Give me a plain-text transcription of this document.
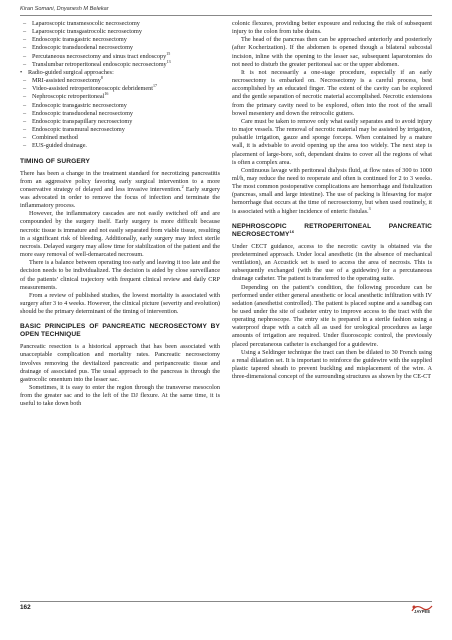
Kiran Somani, Dnyanesh M Belekar
– Laparoscopic transmesocolic necrosectomy
– Laparoscopic transgastrocolic necrosectomy
– Endoscopic transgastric necrosectomy
– Endoscopic transduodenal necrosectomy
– Percutaneous necrosectomy and sinus tract endoscopy$^{15}$
– Translumbar retroperitoneal endoscopic necrosectomy$^{13}$
• Radio-guided surgical approaches:
– MRI-assisted necrosectomy$^8$
– Video-assisted retroperitoneoscopic debridement$^{17}$
– Nephroscopic retroperitoneal$^{16}$
– Endoscopic transgastric necrosectomy
– Endoscopic transduodenal necrosectomy
– Endoscopic transpapillary necrosectomy
– Endoscopic transmural necrosectomy
– Combined method
– EUS-guided drainage.
TIMING OF SURGERY

There has been a change in the treatment standard for necrotizing pancreatitis from an aggressive policy favoring early surgical intervention to a more conservative strategy of delayed and less invasive intervention.$^2$ Early surgery was advocated in order to remove the focus of infection and terminate the inflammatory process.

However, the inflammatory cascades are not easily switched off and are compounded by the surgery itself. Early surgery is more difficult because necrotic tissue is immature and not easily separated from viable tissue, resulting in a significant risk of bleeding. Additionally, early surgery may infect sterile necrosis. Delayed surgery may allow time for stabilization of the patient and the more easy removal of well-demarcated necrosum.

There is a balance between operating too early and leaving it too late and the decision needs to be individualized. The decision is aided by close surveillance of the patients’ clinical trajectory with frequent clinical review and daily CRP measurements.

From a review of published studies, the lowest mortality is associated with surgery after 3 to 4 weeks. However, the clinical picture (severity and evolution) should be the primary determinant of the timing of intervention.

BASIC PRINCIPLES OF PANCREATIC NECROSECTOMY BY OPEN TECHNIQUE

Pancreatic resection is a historical approach that has been associated with unacceptable complication and mortality rates. Pancreatic necrosectomy involves removing the devitalized pancreatic and peripancreatic tissue and drainage of associated pus. The usual approach to the pancreas is through the gastrocolic omentum into the lesser sac.

Sometimes, it is easy to enter the region through the transverse mesocolon from the greater sac and to the left of the DJ flexure. At the same time, it is useful to take down both

colonic flexures, providing better exposure and reducing the risk of subsequent injury to the colon from tube drains.

The head of the pancreas then can be approached anteriorly and posteriorly (after Kocherization). If the abdomen is opened though a bilateral subcostal incision, inline with the opening to the lesser sac, subsequent laparotomies do not need to disturb the greater peritoneal sac or the upper abdomen.

It is not necessarily a one-stage procedure, especially if an early necrosectomy is embarked on. Necrosectomy is a careful process, best accomplished by an educated finger. The extent of the cavity can be explored and the gentle separation of necrotic material accomplished. Necrotic extensions from the primary cavity need to be explored, often into the root of the small bowel mesentery and down the retrocolic gutters.

Care must be taken to remove only what easily separates and to avoid injury to major vessels. The removal of necrotic material may be assisted by irrigation, pulsatile irrigation, gauze and sponge forceps. When contained by a mature wall, it is advisable to avoid opening up the area too widely. The next step is placement of large-bore, soft, dependant drains to cover all the regions of what is often a complex area.

Continuous lavage with peritoneal dialysis fluid, at flow rates of 300 to 1000 ml/h, may reduce the need to reoperate and often is continued for 2 to 3 weeks. The most common postoperative complications are hemorrhage and fistulization (pancreas, small and large intestine). The use of packing is lifesaving for major hemorrhage that occurs at the time of necrosectomy, but when used routinely, it is associated with a higher incidence of enteric fistulas.$^3$

NEPHROSCOPIC RETROPERITONEAL PANCREATIC NECROSECTOMY$^{16}$

Under CECT guidance, access to the necrotic cavity is obtained via the predetermined approach. Under local anesthetic (in the absence of mechanical ventilation), an Accustick set is used to access the area of necrosis. This is subsequently exchanged (with the use of a guidewire) for a percutaneous drainage catheter. The patient is transferred to the operating suite.

Depending on the patient’s condition, the following procedure can be performed under either general anesthetic or local anesthetic infiltration with IV sedation (anesthetist controlled). The patient is placed supine and a sandbag can be used under the site of catheter entry to improve access to the tract with the operating nephroscope. The entry site is prepared in a sterile fashion using a waterproof drape with a catch all as used for urological procedures as large amounts of irrigation are required. Under fluoroscopic control, the previously placed percutaneous catheter is exchanged for a guidewire.

Using a Seldinger technique the tract can then be dilated to 30 French using a renal dilatation set. It is important to reinforce the guidewire with the supplied plastic tapered sheath to prevent buckling and misplacement of the wire. A three-dimensional concept of the surrounding structures as shown by the CE-CT

162
JAYPEE
